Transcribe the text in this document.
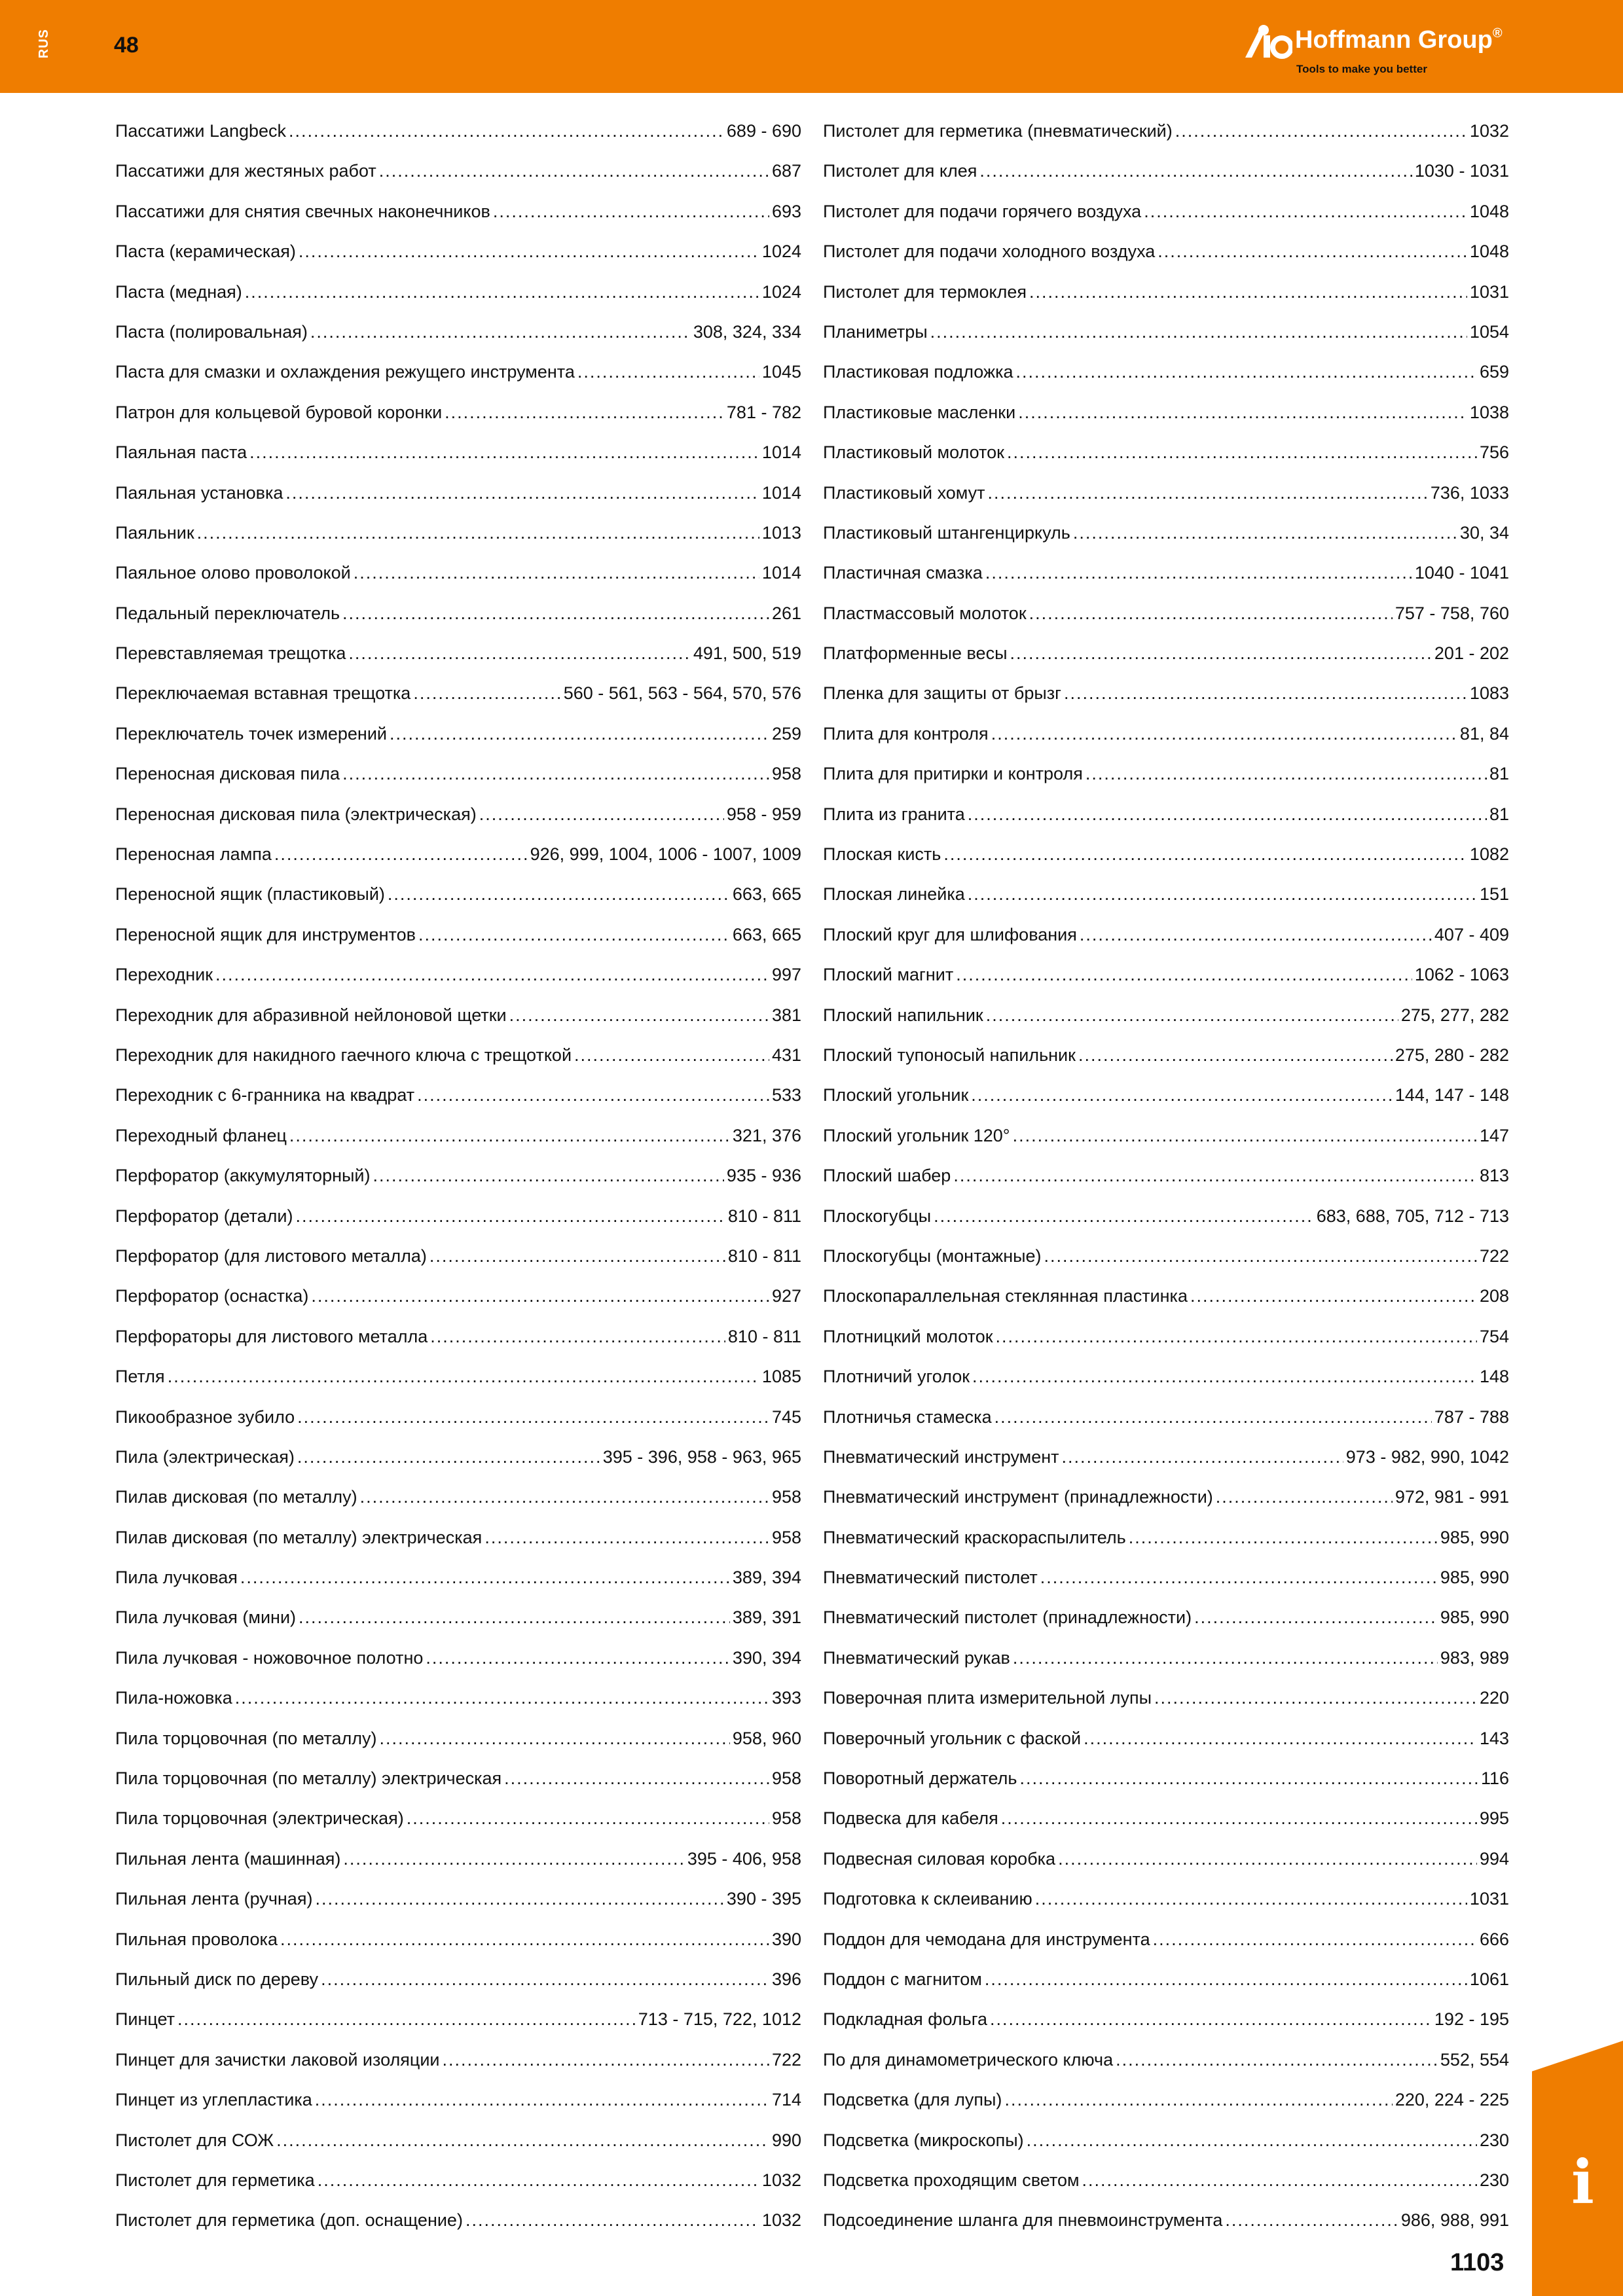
RUS	48	Hoffmann Group®
Tools to make you better
Пассатижи Langbeck .....	689 - 690
Пассатижи для жестяных работ .....	687
Пассатижи для снятия свечных наконечников .....	693
Паста (керамическая) .....	1024
Паста (медная) .....	1024
Паста (полировальная) .....	308, 324, 334
Паста для смазки и охлаждения режущего инструмента .....	1045
Патрон для кольцевой буровой коронки .....	781 - 782
Паяльная паста .....	1014
Паяльная установка .....	1014
Паяльник .....	1013
Паяльное олово проволокой .....	1014
Педальный переключатель .....	261
Перевставляемая трещотка .....	491, 500, 519
Переключаемая вставная трещотка .....	560 - 561, 563 - 564, 570, 576
Переключатель точек измерений .....	259
Переносная дисковая пила .....	958
Переносная дисковая пила (электрическая) .....	958 - 959
Переносная лампа .....	926, 999, 1004, 1006 - 1007, 1009
Переносной ящик (пластиковый) .....	663, 665
Переносной ящик для инструментов .....	663, 665
Переходник .....	997
Переходник для абразивной нейлоновой щетки .....	381
Переходник для накидного гаечного ключа с трещоткой .....	431
Переходник с 6-гранника на квадрат .....	533
Переходный фланец .....	321, 376
Перфоратор (аккумуляторный) .....	935 - 936
Перфоратор (детали) .....	810 - 811
Перфоратор (для листового металла) .....	810 - 811
Перфоратор (оснастка) .....	927
Перфораторы для листового металла .....	810 - 811
Петля .....	1085
Пикообразное зубило .....	745
Пила (электрическая) .....	395 - 396, 958 - 963, 965
Пилав дисковая (по металлу) .....	958
Пилав дисковая (по металлу) электрическая .....	958
Пила лучковая .....	389, 394
Пила лучковая (мини) .....	389, 391
Пила лучковая - ножовочное полотно .....	390, 394
Пила-ножовка .....	393
Пила торцовочная (по металлу) .....	958, 960
Пила торцовочная (по металлу) электрическая .....	958
Пила торцовочная (электрическая) .....	958
Пильная лента (машинная) .....	395 - 406, 958
Пильная лента (ручная) .....	390 - 395
Пильная проволока .....	390
Пильный диск по дереву .....	396
Пинцет .....	713 - 715, 722, 1012
Пинцет для зачистки лаковой изоляции .....	722
Пинцет из углепластика .....	714
Пистолет для СОЖ .....	990
Пистолет для герметика .....	1032
Пистолет для герметика (доп. оснащение) .....	1032
Пистолет для герметика (пневматический) .....	1032
Пистолет для клея .....	1030 - 1031
Пистолет для подачи горячего воздуха .....	1048
Пистолет для подачи холодного воздуха .....	1048
Пистолет для термоклея .....	1031
Планиметры .....	1054
Пластиковая подложка .....	659
Пластиковые масленки .....	1038
Пластиковый молоток .....	756
Пластиковый хомут .....	736, 1033
Пластиковый штангенциркуль .....	30, 34
Пластичная смазка .....	1040 - 1041
Пластмассовый молоток .....	757 - 758, 760
Платформенные весы .....	201 - 202
Пленка для защиты от брызг .....	1083
Плита для контроля .....	81, 84
Плита для притирки и контроля .....	81
Плита из гранита .....	81
Плоская кисть .....	1082
Плоская линейка .....	151
Плоский круг для шлифования .....	407 - 409
Плоский магнит .....	1062 - 1063
Плоский напильник .....	275, 277, 282
Плоский тупоносый напильник .....	275, 280 - 282
Плоский угольник .....	144, 147 - 148
Плоский угольник 120° .....	147
Плоский шабер .....	813
Плоскогубцы .....	683, 688, 705, 712 - 713
Плоскогубцы (монтажные) .....	722
Плоскопараллельная стеклянная пластинка .....	208
Плотницкий молоток .....	754
Плотничий уголок .....	148
Плотничья стамеска .....	787 - 788
Пневматический инструмент .....	973 - 982, 990, 1042
Пневматический инструмент (принадлежности) .....	972, 981 - 991
Пневматический краскораспылитель .....	985, 990
Пневматический пистолет .....	985, 990
Пневматический пистолет (принадлежности) .....	985, 990
Пневматический рукав .....	983, 989
Поверочная плита измерительной лупы .....	220
Поверочный угольник с фаской .....	143
Поворотный держатель .....	116
Подвеска для кабеля .....	995
Подвесная силовая коробка .....	994
Подготовка к склеиванию .....	1031
Поддон для чемодана для инструмента .....	666
Поддон с магнитом .....	1061
Подкладная фольга .....	192 - 195
По для динамометрического ключа .....	552, 554
Подсветка (для лупы) .....	220, 224 - 225
Подсветка (микроскопы) .....	230
Подсветка проходящим светом .....	230
Подсоединение шланга для пневмоинструмента .....	986, 988, 991
i
1103
